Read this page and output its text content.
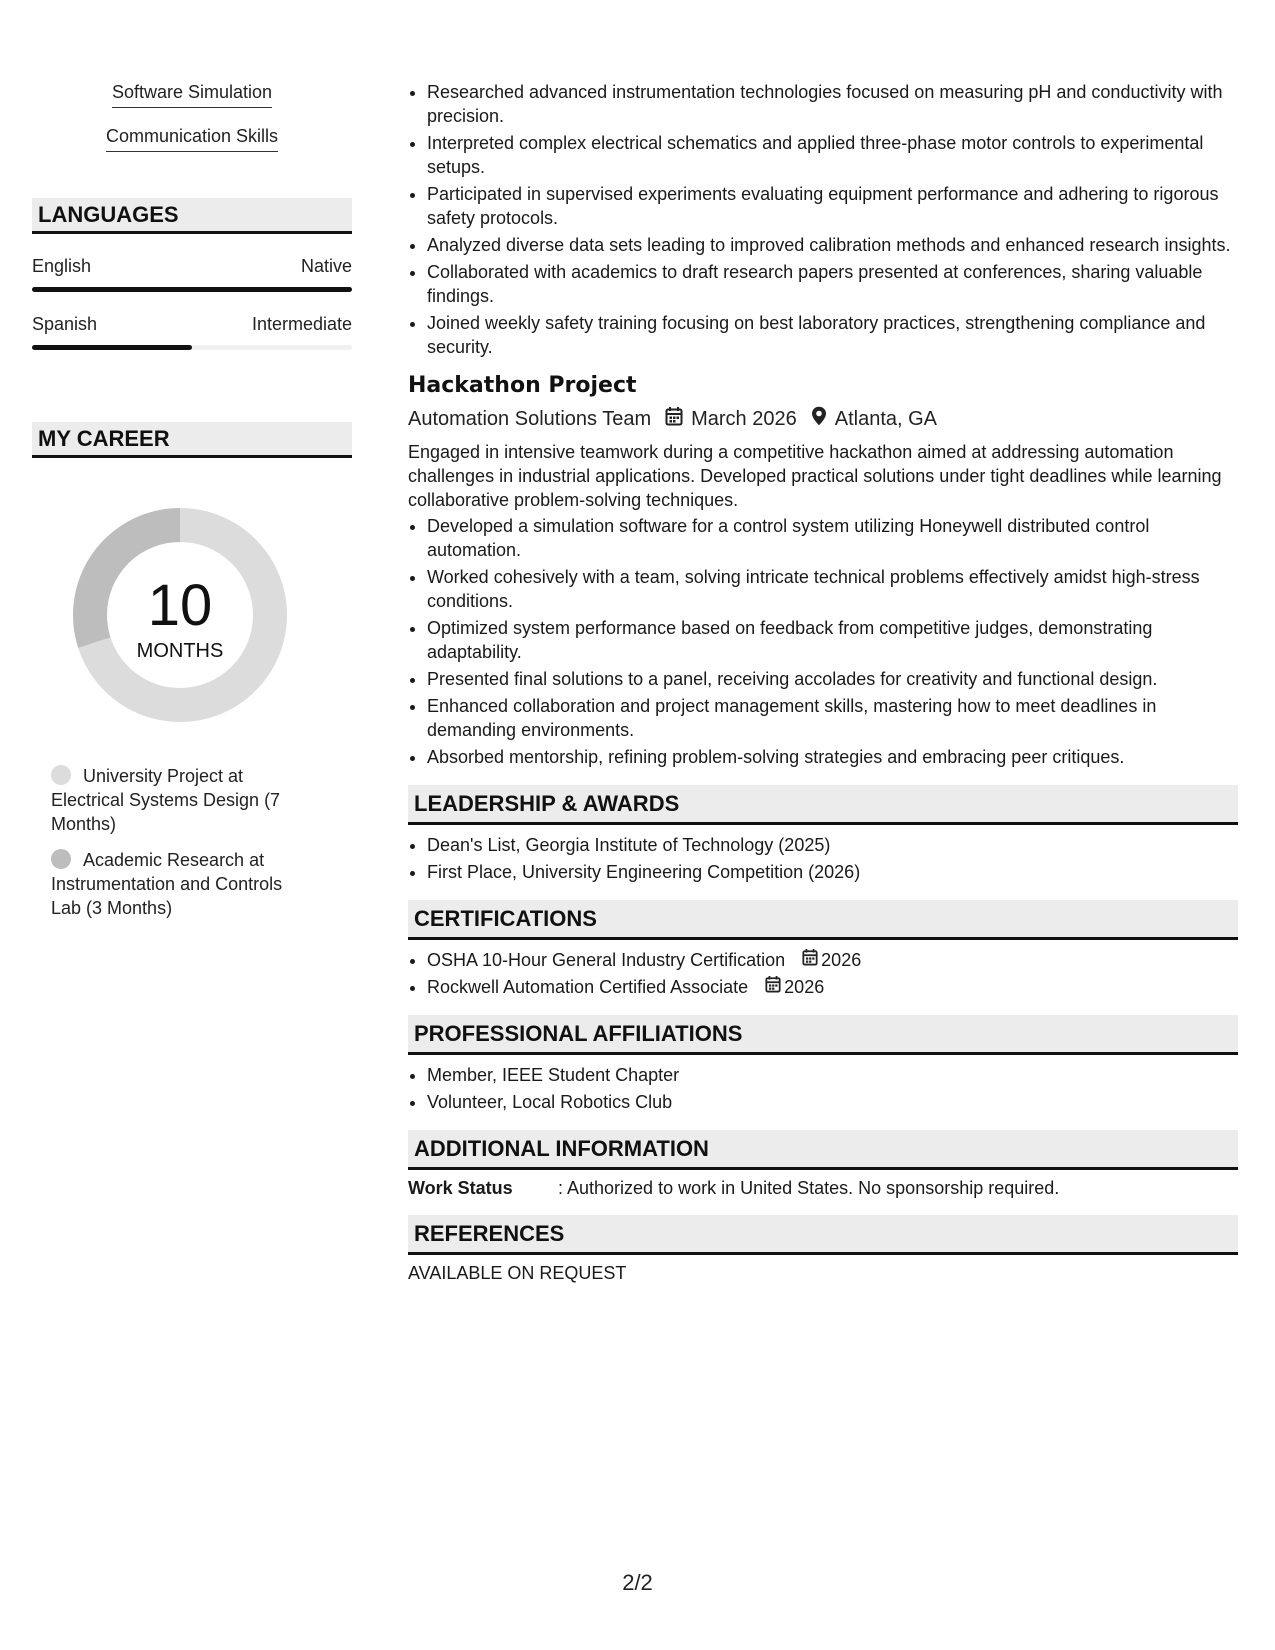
Software Simulation
Communication Skills
LANGUAGES
English	Native
Spanish	Intermediate
MY CAREER
10
MONTHS
University Project at Electrical Systems Design (7 Months)
Academic Research at Instrumentation and Controls Lab (3 Months)
• Researched advanced instrumentation technologies focused on measuring pH and conductivity with precision.
• Interpreted complex electrical schematics and applied three-phase motor controls to experimental setups.
• Participated in supervised experiments evaluating equipment performance and adhering to rigorous safety protocols.
• Analyzed diverse data sets leading to improved calibration methods and enhanced research insights.
• Collaborated with academics to draft research papers presented at conferences, sharing valuable findings.
• Joined weekly safety training focusing on best laboratory practices, strengthening compliance and security.
Hackathon Project
Automation Solutions Team March 2026 Atlanta, GA
Engaged in intensive teamwork during a competitive hackathon aimed at addressing automation challenges in industrial applications. Developed practical solutions under tight deadlines while learning collaborative problem-solving techniques.
• Developed a simulation software for a control system utilizing Honeywell distributed control automation.
• Worked cohesively with a team, solving intricate technical problems effectively amidst high-stress conditions.
• Optimized system performance based on feedback from competitive judges, demonstrating adaptability.
• Presented final solutions to a panel, receiving accolades for creativity and functional design.
• Enhanced collaboration and project management skills, mastering how to meet deadlines in demanding environments.
• Absorbed mentorship, refining problem-solving strategies and embracing peer critiques.
LEADERSHIP & AWARDS
• Dean's List, Georgia Institute of Technology (2025)
• First Place, University Engineering Competition (2026)
CERTIFICATIONS
• OSHA 10-Hour General Industry Certification 2026
• Rockwell Automation Certified Associate 2026
PROFESSIONAL AFFILIATIONS
• Member, IEEE Student Chapter
• Volunteer, Local Robotics Club
ADDITIONAL INFORMATION
Work Status	: Authorized to work in United States. No sponsorship required.
REFERENCES
AVAILABLE ON REQUEST
2/2
